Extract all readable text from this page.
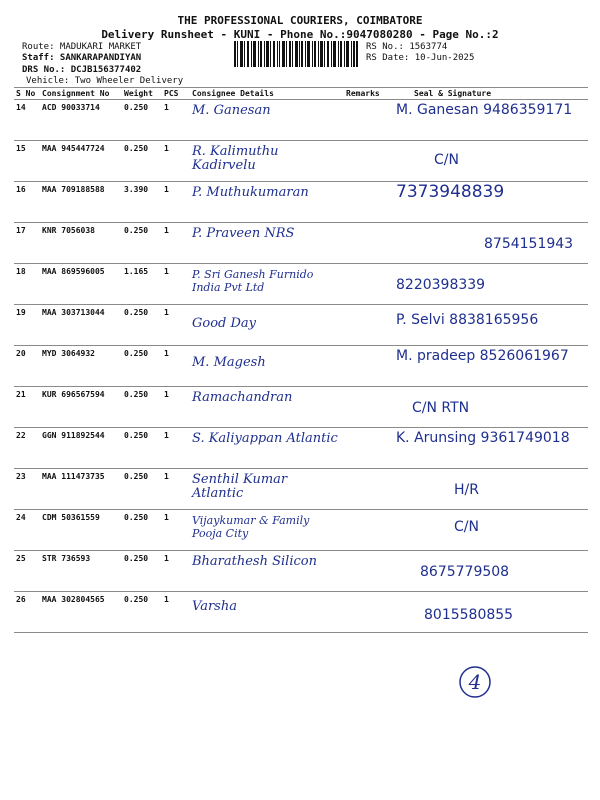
THE PROFESSIONAL COURIERS, COIMBATORE
Delivery Runsheet - KUNI - Phone No.:9047080280 - Page No.:2
Route: MADUKARI MARKET
Staff: SANKARAPANDIYAN
DRS No.: DCJB156377402
Vehicle: Two Wheeler Delivery
RS No.: 1563774
RS Date: 10-Jun-2025
S No	Consignment No	Weight	PCS	Consignee Details	Remarks	Seal & Signature
14	ACD 90033714	0.250	1	M. Ganesan		M. Ganesan 9486359171
15	MAA 945447724	0.250	1	R. Kalimuthu Kadirvelu		C/N
16	MAA 709188588	3.390	1	P. Muthukumaran		7373948839
17	KNR 7056038	0.250	1	P. Praveen NRS		8754151943
18	MAA 869596005	1.165	1	P. Sri Ganesh Furnido India Pvt Ltd		8220398339
19	MAA 303713044	0.250	1	Good Day		P. Selvi 8838165956
20	MYD 3064932	0.250	1	M. Magesh		M. pradeep 8526061967
21	KUR 696567594	0.250	1	Ramachandran		C/N RTN
22	GGN 911892544	0.250	1	S. Kaliyappan Atlantic		K. Arunsing 9361749018
23	MAA 111473735	0.250	1	Senthil Kumar Atlantic		H/R
24	CDM 50361559	0.250	1	Vijaykumar & Family Pooja City		C/N
25	STR 736593	0.250	1	Bharathesh Silicon		8675779508
26	MAA 302804565	0.250	1	Varsha		8015580855
4
